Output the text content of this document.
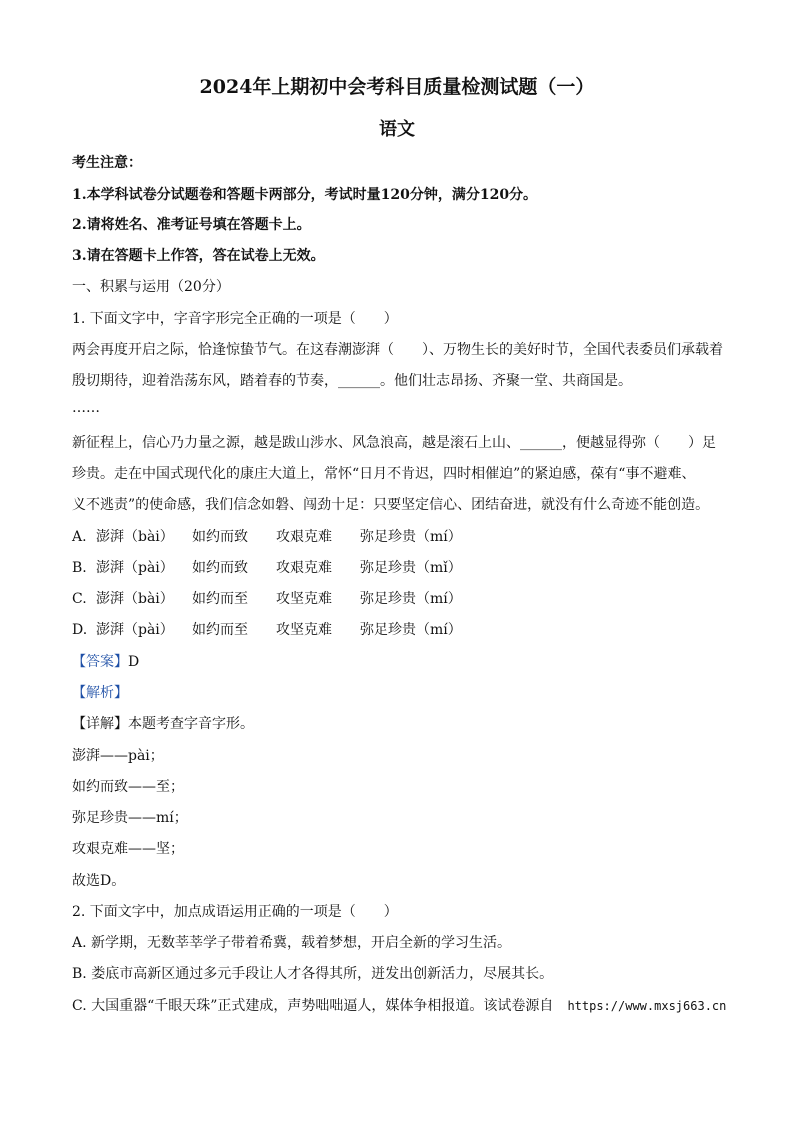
2024年上期初中会考科目质量检测试题（一）
语文
考生注意：
1.本学科试卷分试题卷和答题卡两部分，考试时量120分钟，满分120分。
2.请将姓名、准考证号填在答题卡上。
3.请在答题卡上作答，答在试卷上无效。
一、积累与运用（20分）
1. 下面文字中，字音字形完全正确的一项是（　　）
两会再度开启之际，恰逢惊蛰节气。在这春潮澎湃（　　）、万物生长的美好时节，全国代表委员们承载着
殷切期待，迎着浩荡东风，踏着春的节奏，______。他们壮志昂扬、齐聚一堂、共商国是。
……
新征程上，信心乃力量之源，越是跋山涉水、风急浪高，越是滚石上山、______，便越显得弥（　　）足
珍贵。走在中国式现代化的康庄大道上，常怀“日月不肯迟，四时相催迫”的紧迫感，葆有“事不避难、
义不逃责”的使命感，我们信念如磐、闯劲十足：只要坚定信心、团结奋进，就没有什么奇迹不能创造。
A. 澎湃（bài） 如约而致 攻艰克难 弥足珍贵（mí）
B. 澎湃（pài） 如约而致 攻艰克难 弥足珍贵（mǐ）
C. 澎湃（bài） 如约而至 攻坚克难 弥足珍贵（mí）
D. 澎湃（pài） 如约而至 攻坚克难 弥足珍贵（mí）
【答案】D
【解析】
【详解】本题考查字音字形。
澎湃——pài；
如约而致——至；
弥足珍贵——mí；
攻艰克难——坚；
故选D。
2. 下面文字中，加点成语运用正确的一项是（　　）
A. 新学期，无数莘莘学子带着希冀，载着梦想，开启全新的学习生活。
B. 娄底市高新区通过多元手段让人才各得其所，迸发出创新活力，尽展其长。
C. 大国重器“千眼天珠”正式建成，声势咄咄逼人，媒体争相报道。该试卷源自 https://www.mxsj663.cn
